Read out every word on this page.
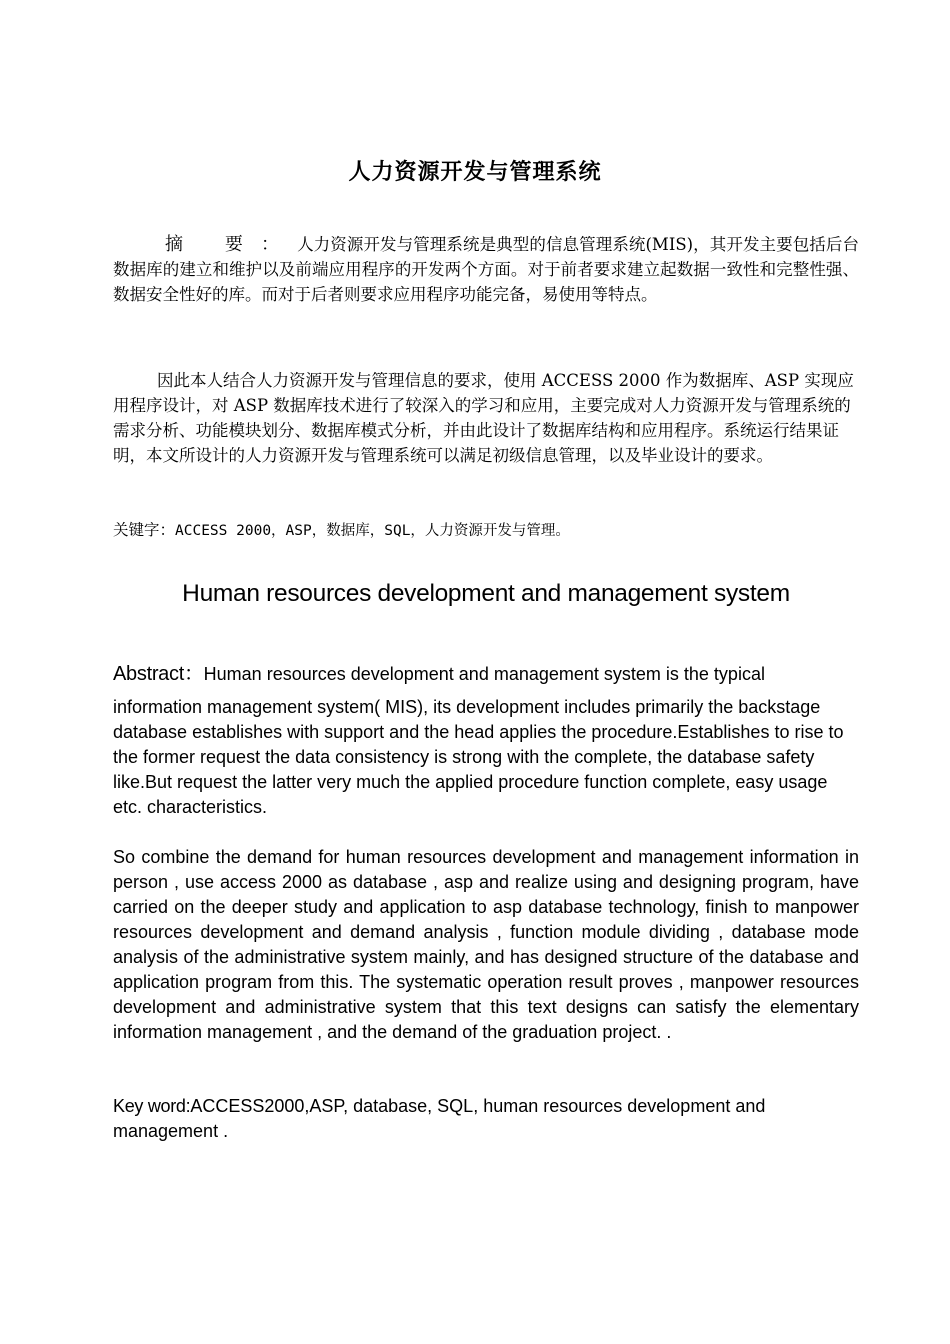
人力资源开发与管理系统

摘 要：人力资源开发与管理系统是典型的信息管理系统(MIS)，其开发主要包括后台数据库的建立和维护以及前端应用程序的开发两个方面。对于前者要求建立起数据一致性和完整性强、数据安全性好的库。而对于后者则要求应用程序功能完备，易使用等特点。

因此本人结合人力资源开发与管理信息的要求，使用 ACCESS 2000 作为数据库、ASP 实现应用程序设计，对 ASP 数据库技术进行了较深入的学习和应用，主要完成对人力资源开发与管理系统的需求分析、功能模块划分、数据库模式分析，并由此设计了数据库结构和应用程序。系统运行结果证明，本文所设计的人力资源开发与管理系统可以满足初级信息管理，以及毕业设计的要求。
关键字：ACCESS 2000，ASP，数据库，SQL，人力资源开发与管理。
Human resources development and management system
Abstract：Human resources development and management system is the typical
information management system( MIS), its development includes primarily the backstage database establishes with support and the head applies the procedure.Establishes to rise to the former request the data consistency is strong with the complete, the database safety like.But request the latter very much the applied procedure function complete, easy usage etc. characteristics.
So combine the demand for human resources development and management information in person , use access 2000 as database , asp and realize using and designing program, have carried on the deeper study and application to asp database technology, finish to manpower resources development and demand analysis , function module dividing , database mode analysis of the administrative system mainly, and has designed structure of the database and application program from this. The systematic operation result proves , manpower resources development and administrative system that this text designs can satisfy the elementary information management , and the demand of the graduation project. .
Key word:ACCESS2000,ASP, database, SQL, human resources development and management .
